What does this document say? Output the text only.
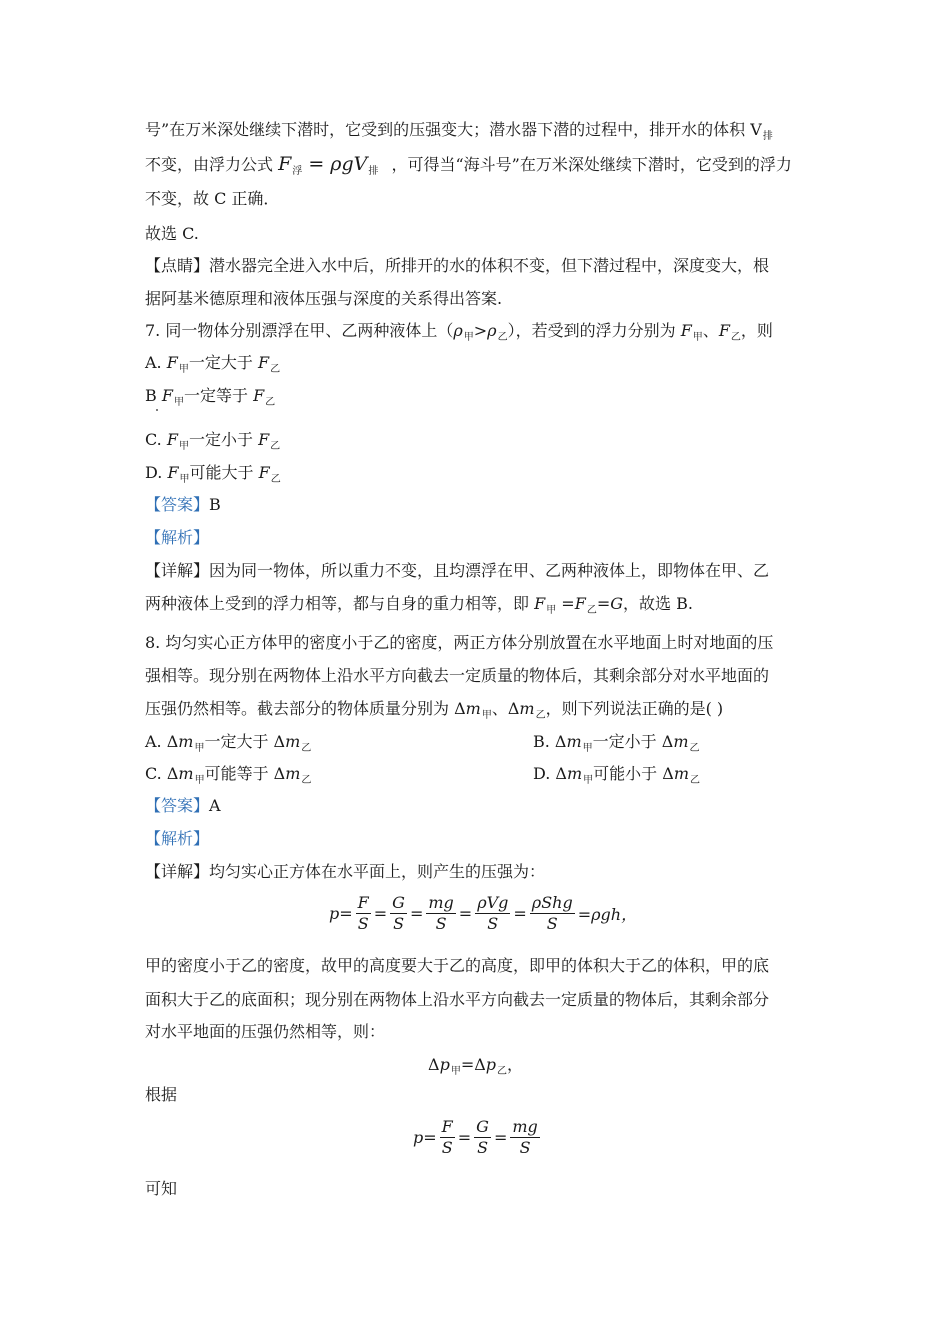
号”在万米深处继续下潜时，它受到的压强变大；潜水器下潜的过程中，排开水的体积 $V_排$
不变，由浮力公式 $F_浮 = \rho gV_排$ ，可得当“海斗号”在万米深处继续下潜时，它受到的浮力
不变，故 C 正确．
故选 C.
【点睛】潜水器完全进入水中后，所排开的水的体积不变，但下潜过程中，深度变大，根
据阿基米德原理和液体压强与深度的关系得出答案.
7. 同一物体分别漂浮在甲、乙两种液体上$(\rho_甲>\rho_乙)$，若受到的浮力分别为 $F_甲$、$F_乙$，则
A. $F_甲$一定大于 $F_乙$
B $F_甲$一定等于 $F_乙$
C. $F_甲$一定小于 $F_乙$
D. $F_甲$可能大于 $F_乙$
【答案】B
【解析】
【详解】因为同一物体，所以重力不变，且均漂浮在甲、乙两种液体上，即物体在甲、乙
两种液体上受到的浮力相等，都与自身的重力相等，即 $F_甲 =F_乙=G$，故选 B.
8. 均匀实心正方体甲的密度小于乙的密度，两正方体分别放置在水平地面上时对地面的压
强相等。现分别在两物体上沿水平方向截去一定质量的物体后，其剩余部分对水平地面的
压强仍然相等。截去部分的物体质量分别为 $\Delta m_甲$、$\Delta m_乙$，则下列说法正确的是( )
A. $\Delta m_甲$一定大于 $\Delta m_乙$	B. $\Delta m_甲$一定小于 $\Delta m_乙$
C. $\Delta m_甲$可能等于 $\Delta m_乙$	D. $\Delta m_甲$可能小于 $\Delta m_乙$
【答案】A
【解析】
【详解】均匀实心正方体在水平面上，则产生的压强为：
$p= \frac{F}{S} = \frac{G}{S} = \frac{mg}{S} = \frac{\text{ρVg}}{S} = \frac{\text{ρShg}}{S} =\rho gh$，
甲的密度小于乙的密度，故甲的高度要大于乙的高度，即甲的体积大于乙的体积，甲的底
面积大于乙的底面积；现分别在两物体上沿水平方向截去一定质量的物体后，其剩余部分
对水平地面的压强仍然相等，则：
$\Delta p_甲=\Delta p_乙$，
根据
$p= \frac{F}{S} = \frac{G}{S} = \frac{mg}{S}$
可知
